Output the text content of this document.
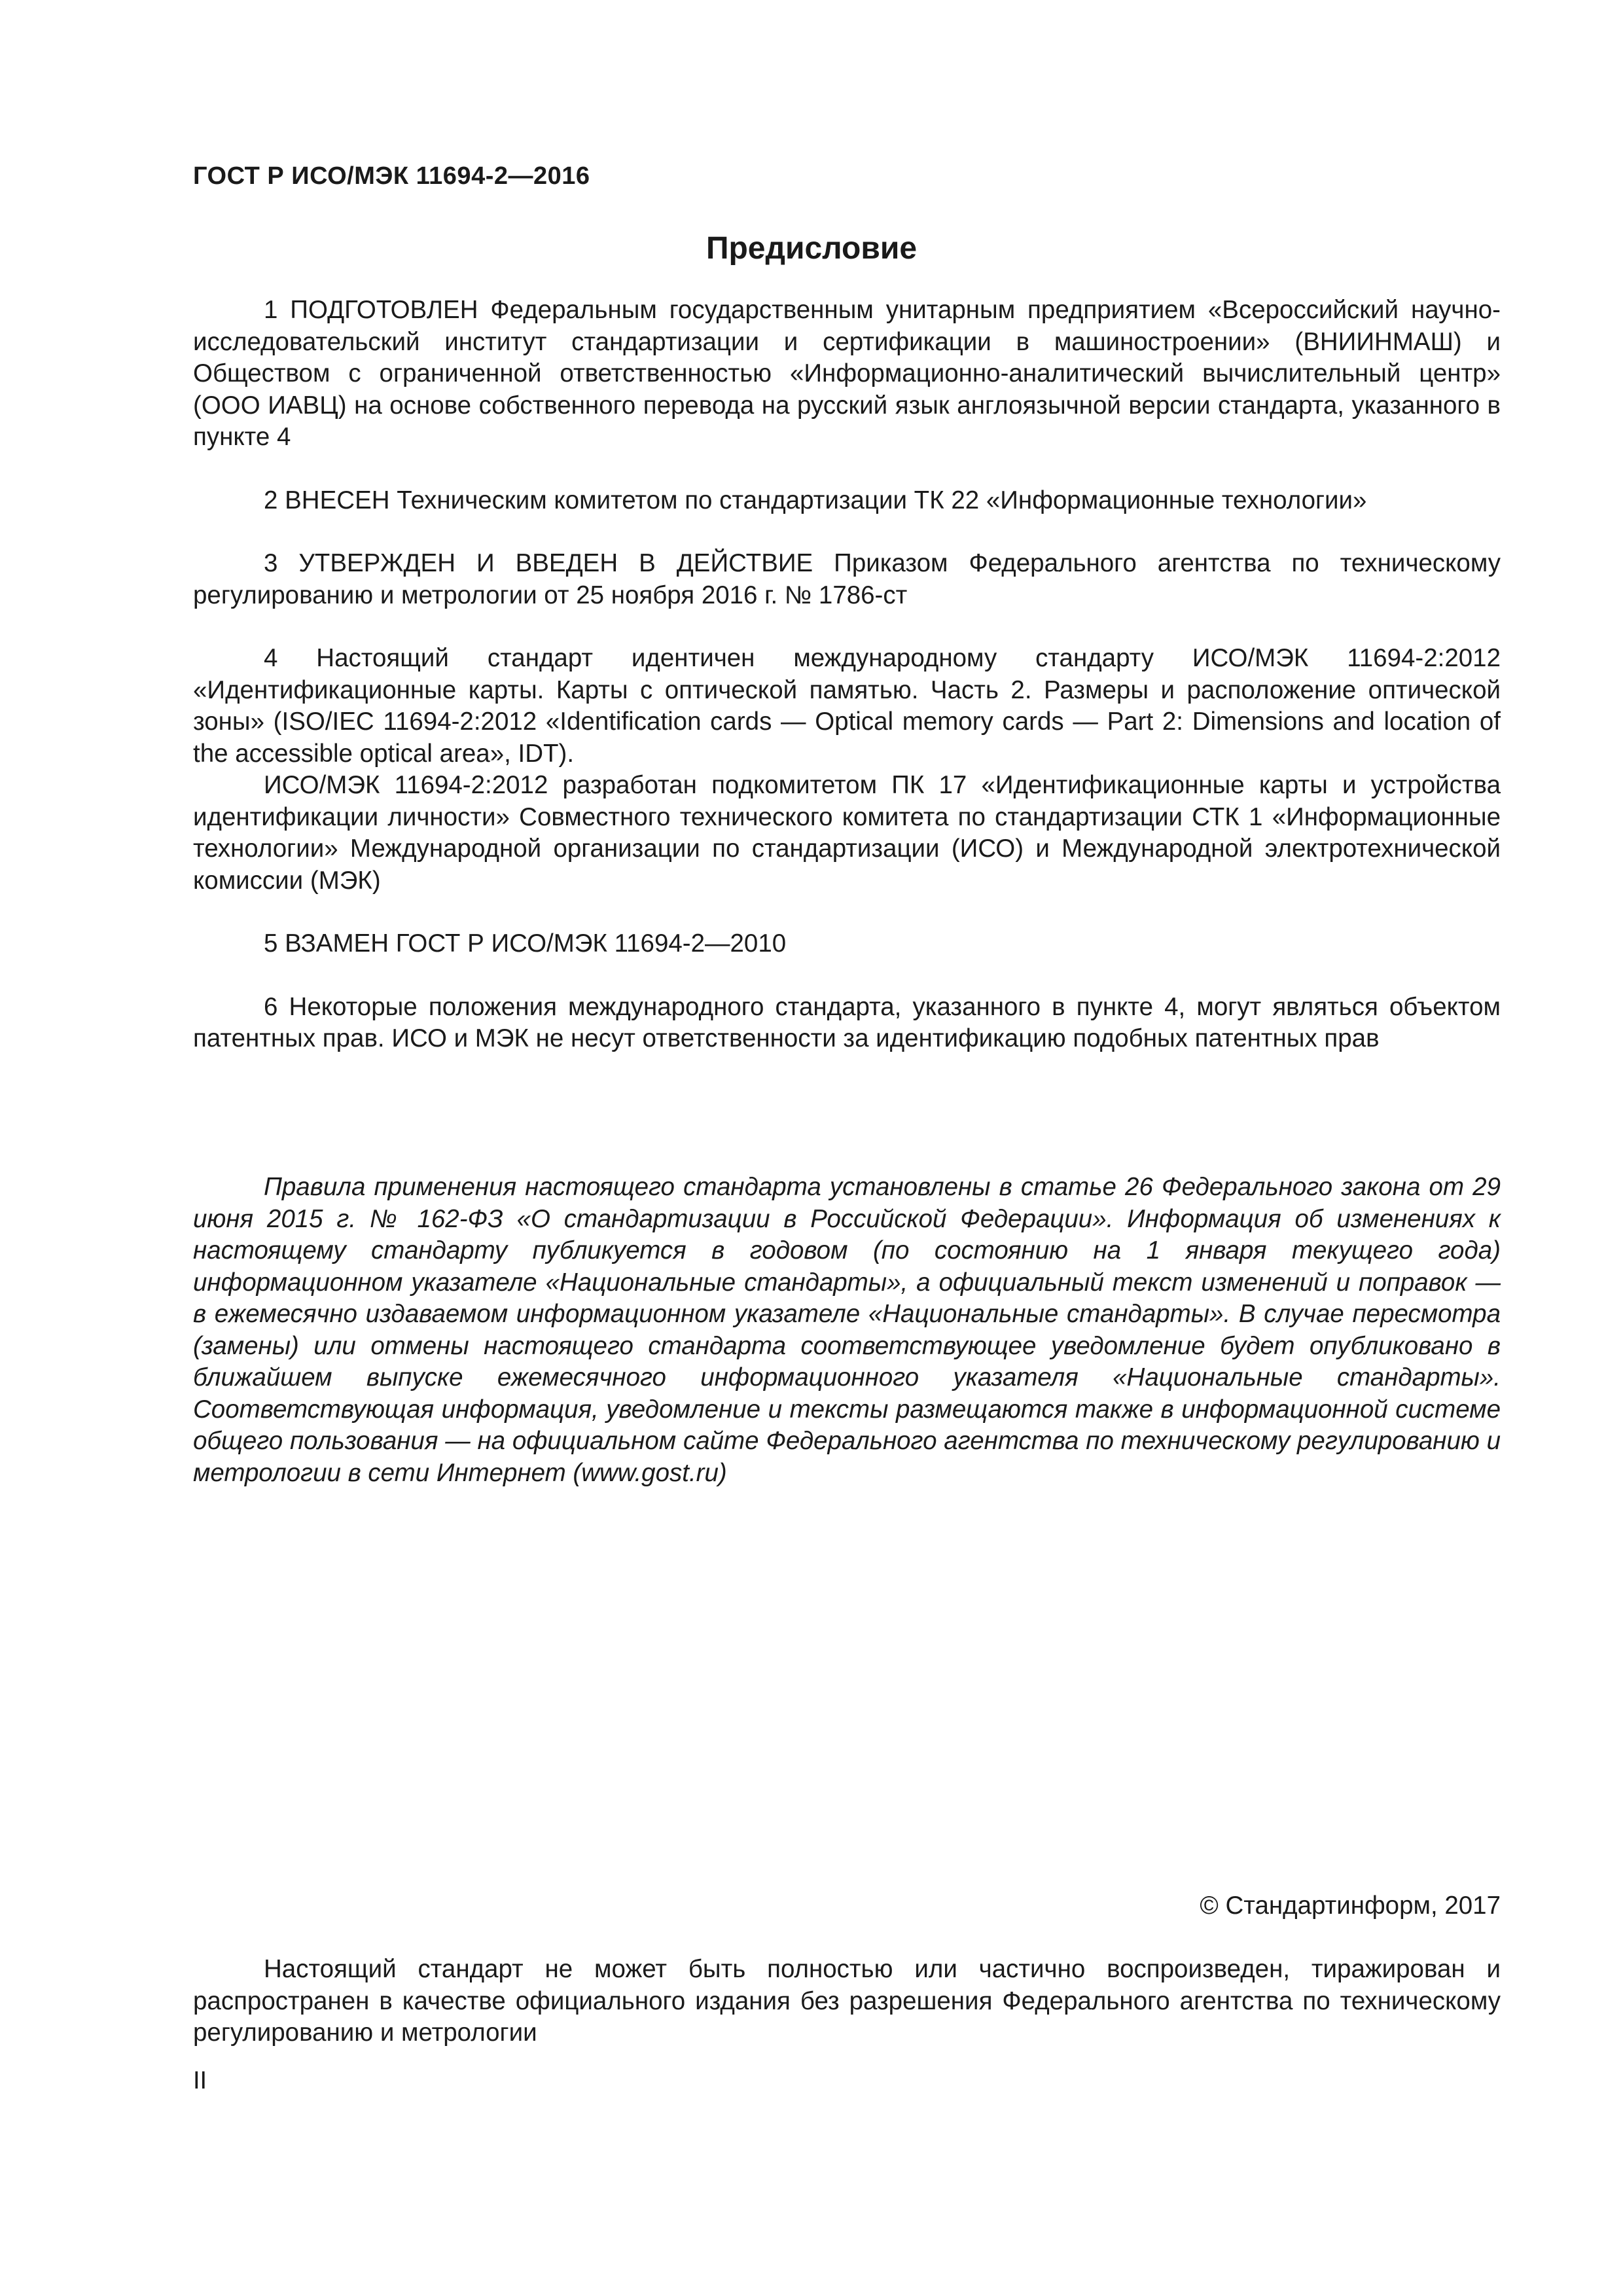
ГОСТ Р ИСО/МЭК 11694-2—2016
Предисловие

1 ПОДГОТОВЛЕН Федеральным государственным унитарным предприятием «Всероссийский научно-исследовательский институт стандартизации и сертификации в машиностроении» (ВНИИНМАШ) и Обществом с ограниченной ответственностью «Информационно-аналитический вычислительный центр» (ООО ИАВЦ) на основе собственного перевода на русский язык англоязычной версии стандарта, указанного в пункте 4

2 ВНЕСЕН Техническим комитетом по стандартизации ТК 22 «Информационные технологии»

3 УТВЕРЖДЕН И ВВЕДЕН В ДЕЙСТВИЕ Приказом Федерального агентства по техническому регулированию и метрологии от 25 ноября 2016 г. № 1786-ст

4 Настоящий стандарт идентичен международному стандарту ИСО/МЭК 11694-2:2012 «Идентификационные карты. Карты с оптической памятью. Часть 2. Размеры и расположение оптической зоны» (ISO/IEC 11694-2:2012 «Identification cards — Optical memory cards — Part 2: Dimensions and location of the accessible optical area», IDT).

ИСО/МЭК 11694-2:2012 разработан подкомитетом ПК 17 «Идентификационные карты и устройства идентификации личности» Совместного технического комитета по стандартизации СТК 1 «Информационные технологии» Международной организации по стандартизации (ИСО) и Международной электротехнической комиссии (МЭК)

5 ВЗАМЕН ГОСТ Р ИСО/МЭК 11694-2—2010

6 Некоторые положения международного стандарта, указанного в пункте 4, могут являться объектом патентных прав. ИСО и МЭК не несут ответственности за идентификацию подобных патентных прав

Правила применения настоящего стандарта установлены в статье 26 Федерального закона от 29 июня 2015 г. № 162-ФЗ «О стандартизации в Российской Федерации». Информация об изменениях к настоящему стандарту публикуется в годовом (по состоянию на 1 января текущего года) информационном указателе «Национальные стандарты», а официальный текст изменений и поправок — в ежемесячно издаваемом информационном указателе «Национальные стандарты». В случае пересмотра (замены) или отмены настоящего стандарта соответствующее уведомление будет опубликовано в ближайшем выпуске ежемесячного информационного указателя «Национальные стандарты». Соответствующая информация, уведомление и тексты размещаются также в информационной системе общего пользования — на официальном сайте Федерального агентства по техническому регулированию и метрологии в сети Интернет (www.gost.ru)

© Стандартинформ, 2017

Настоящий стандарт не может быть полностью или частично воспроизведен, тиражирован и распространен в качестве официального издания без разрешения Федерального агентства по техническому регулированию и метрологии

II
